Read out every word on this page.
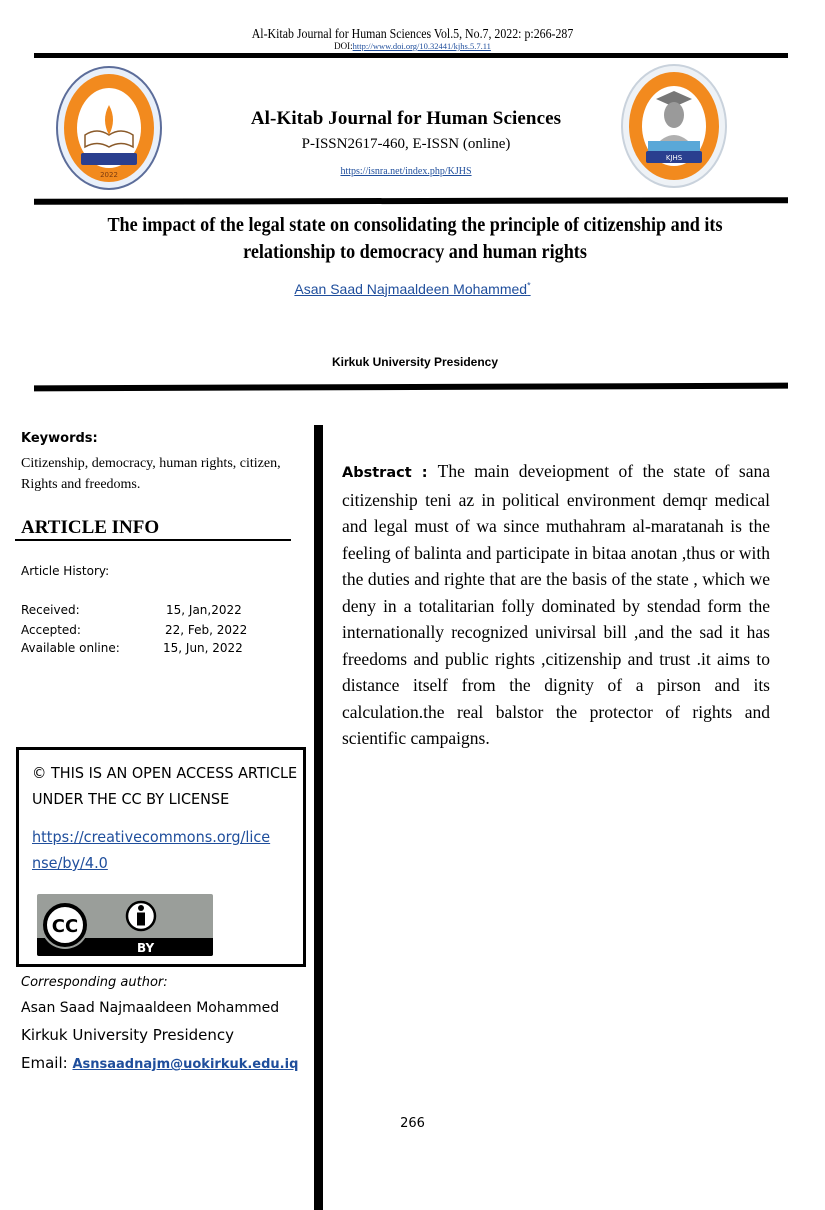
Al-Kitab Journal for Human Sciences Vol.5, No.7, 2022: p:266-287
DOI:http://www.doi.org/10.32441/kjhs.5.7.11
2022
KJHS
Al-Kitab Journal for Human Sciences
P-ISSN2617-460, E-ISSN (online)
https://isnra.net/index.php/KJHS
The impact of the legal state on consolidating the principle of citizenship and its relationship to democracy and human rights
Asan Saad Najmaaldeen Mohammed*
Kirkuk University Presidency
Keywords:
Citizenship, democracy, human rights, citizen, Rights and freedoms.
ARTICLE INFO
Article History:
Received:	15, Jan,2022
Accepted:	22, Feb, 2022
Available online:	15, Jun, 2022
© THIS IS AN OPEN ACCESS ARTICLE UNDER THE CC BY LICENSE
https://creativecommons.org/license/by/4.0
CC
BY
Corresponding author:
Asan Saad Najmaaldeen Mohammed
Kirkuk University Presidency
Email: Asnsaadnajm@uokirkuk.edu.iq
Abstract : The main deveiopment of the state of sana citizenship teni az in political environment demqr medical and legal must of wa since muthahram al-maratanah is the feeling of balinta and participate in bitaa anotan ,thus or with the duties and righte that are the basis of the state , which we deny in a totalitarian folly dominated by stendad form the internationally recognized univirsal bill ,and the sad it has freedoms and public rights ,citizenship and trust .it aims to distance itself from the dignity of a pirson and its calculation.the real balstor the protector of rights and scientific campaigns.
266
